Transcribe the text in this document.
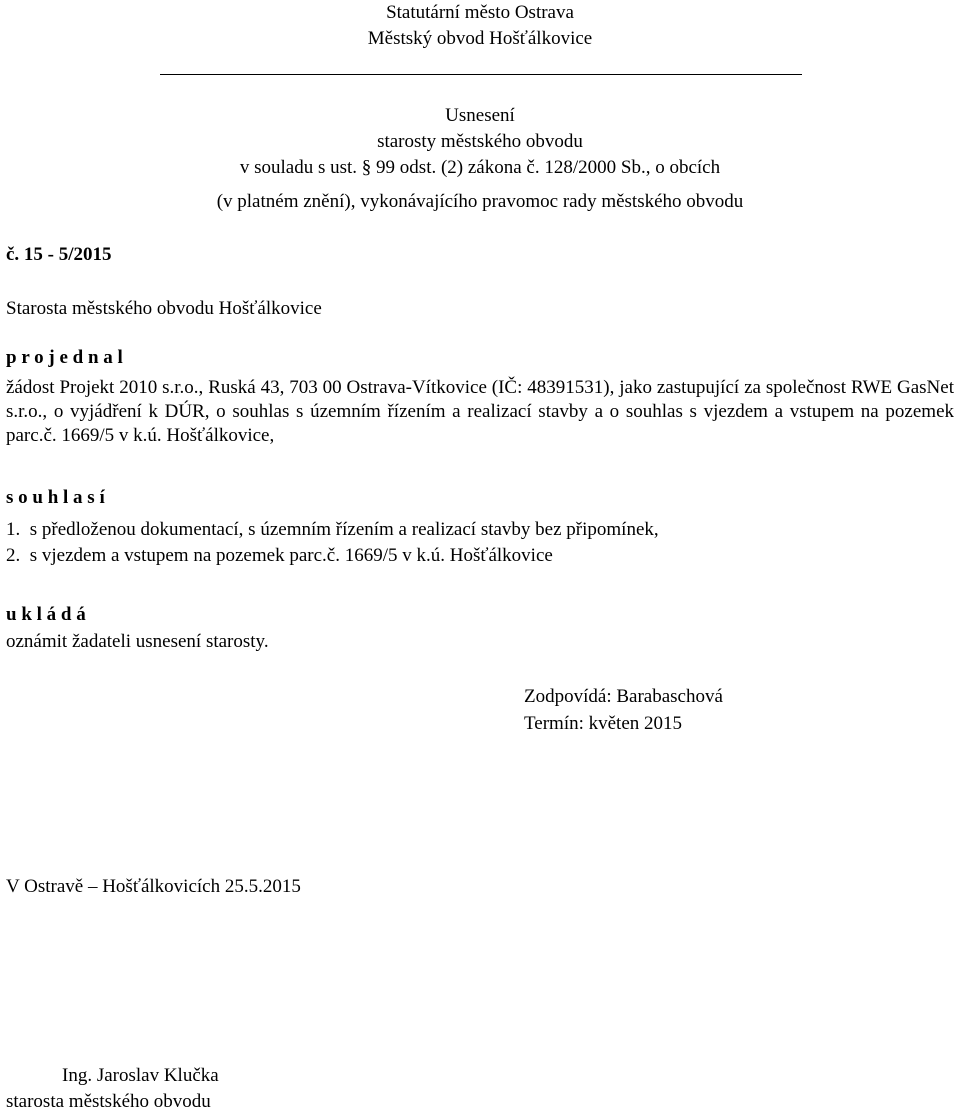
Statutární město Ostrava
Městský obvod Hošťálkovice
Usnesení
starosty městského obvodu
v souladu s ust. § 99 odst. (2) zákona č. 128/2000 Sb., o obcích
(v platném znění), vykonávajícího pravomoc rady městského obvodu
č. 15 - 5/2015
Starosta městského obvodu Hošťálkovice
p r o j e d n a l
žádost Projekt 2010 s.r.o., Ruská 43, 703 00 Ostrava-Vítkovice (IČ: 48391531), jako zastupující za společnost RWE GasNet s.r.o., o vyjádření k DÚR, o souhlas s územním řízením a realizací stavby a o souhlas s vjezdem a vstupem na pozemek parc.č. 1669/5 v k.ú. Hošťálkovice,
s o u h l a s í
1. s předloženou dokumentací, s územním řízením a realizací stavby bez připomínek,
2. s vjezdem a vstupem na pozemek parc.č. 1669/5 v k.ú. Hošťálkovice
u k l á d á
oznámit žadateli usnesení starosty.
Zodpovídá: Barabaschová
Termín: květen 2015
V Ostravě – Hošťálkovicích 25.5.2015
Ing. Jaroslav Klučka
starosta městského obvodu
